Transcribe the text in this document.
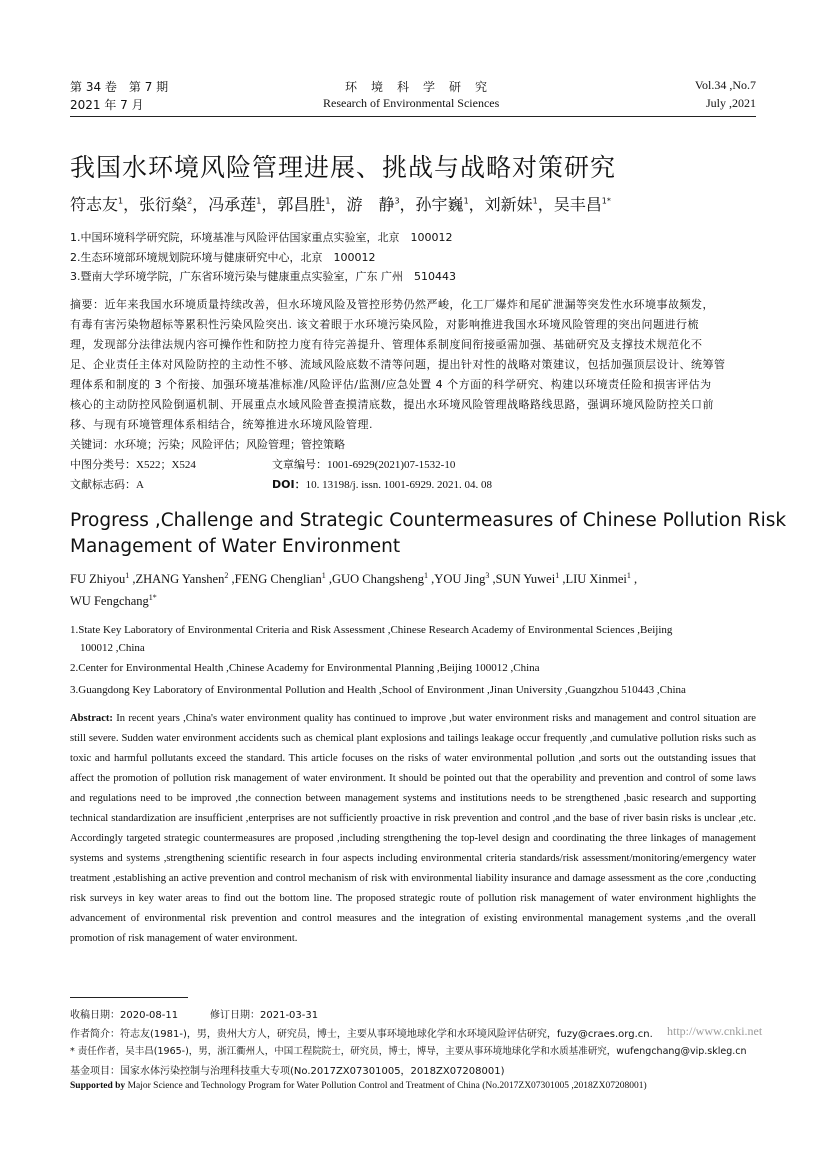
第 34 卷　第 7 期
2021 年 7 月
环　境　科　学　研　究
Research of Environmental Sciences
Vol.34 ,No.7
July ,2021
我国水环境风险管理进展、挑战与战略对策研究
符志友$^1$，张衍燊$^2$，冯承莲$^1$，郭昌胜$^1$，游　静$^3$，孙宇巍$^1$，刘新妹$^1$，吴丰昌$^{1*}$
1.中国环境科学研究院，环境基准与风险评估国家重点实验室，北京　100012
2.生态环境部环境规划院环境与健康研究中心，北京　100012
3.暨南大学环境学院，广东省环境污染与健康重点实验室，广东 广州　510443
摘要：近年来我国水环境质量持续改善，但水环境风险及管控形势仍然严峻，化工厂爆炸和尾矿泄漏等突发性水环境事故频发，
有毒有害污染物超标等累积性污染风险突出. 该文着眼于水环境污染风险，对影响推进我国水环境风险管理的突出问题进行梳
理，发现部分法律法规内容可操作性和防控力度有待完善提升、管理体系制度间衔接亟需加强、基础研究及支撑技术规范化不
足、企业责任主体对风险防控的主动性不够、流域风险底数不清等问题，提出针对性的战略对策建议，包括加强顶层设计、统筹管
理体系和制度的 3 个衔接、加强环境基准标准/风险评估/监测/应急处置 4 个方面的科学研究、构建以环境责任险和损害评估为
核心的主动防控风险倒逼机制、开展重点水域风险普查摸清底数，提出水环境风险管理战略路线思路，强调环境风险防控关口前
移、与现有环境管理体系相结合，统筹推进水环境风险管理.
关键词：水环境；污染；风险评估；风险管理；管控策略
中图分类号：X522；X524	文章编号：1001-6929(2021)07-1532-10
文献标志码：A	DOI：10. 13198/j. issn. 1001-6929. 2021. 04. 08
Progress ,Challenge and Strategic Countermeasures of Chinese Pollution Risk
Management of Water Environment
FU Zhiyou$^1$ ,ZHANG Yanshen$^2$ ,FENG Chenglian$^1$ ,GUO Changsheng$^1$ ,YOU Jing$^3$ ,SUN Yuwei$^1$ ,LIU Xinmei$^1$ ,
WU Fengchang$^{1*}$
1.State Key Laboratory of Environmental Criteria and Risk Assessment ,Chinese Research Academy of Environmental Sciences ,Beijing
100012 ,China
2.Center for Environmental Health ,Chinese Academy for Environmental Planning ,Beijing 100012 ,China
3.Guangdong Key Laboratory of Environmental Pollution and Health ,School of Environment ,Jinan University ,Guangzhou 510443 ,China
Abstract: In recent years ,China's water environment quality has continued to improve ,but water environment risks and management and control situation are still severe. Sudden water environment accidents such as chemical plant explosions and tailings leakage occur frequently ,and cumulative pollution risks such as toxic and harmful pollutants exceed the standard. This article focuses on the risks of water environmental pollution ,and sorts out the outstanding issues that affect the promotion of pollution risk management of water environment. It should be pointed out that the operability and prevention and control of some laws and regulations need to be improved ,the connection between management systems and institutions needs to be strengthened ,basic research and supporting technical standardization are insufficient ,enterprises are not sufficiently proactive in risk prevention and control ,and the base of river basin risks is unclear ,etc. Accordingly targeted strategic countermeasures are proposed ,including strengthening the top-level design and coordinating the three linkages of management systems and systems ,strengthening scientific research in four aspects including environmental criteria standards/risk assessment/monitoring/emergency water treatment ,establishing an active prevention and control mechanism of risk with environmental liability insurance and damage assessment as the core ,conducting risk surveys in key water areas to find out the bottom line. The proposed strategic route of pollution risk management of water environment highlights the advancement of environmental risk prevention and control measures and the integration of existing environmental management systems ,and the overall promotion of risk management of water environment.
收稿日期：2020-08-11	修订日期：2021-03-31
作者简介：符志友(1981-)，男，贵州大方人，研究员，博士，主要从事环境地球化学和水环境风险评估研究，fuzy@craes.org.cn. http://www.cnki.net
* 责任作者，吴丰昌(1965-)，男，浙江衢州人，中国工程院院士，研究员，博士，博导，主要从事环境地球化学和水质基准研究，wufengchang@vip.skleg.cn
基金项目：国家水体污染控制与治理科技重大专项(No.2017ZX07301005，2018ZX07208001)
Supported by Major Science and Technology Program for Water Pollution Control and Treatment of China (No.2017ZX07301005 ,2018ZX07208001)
